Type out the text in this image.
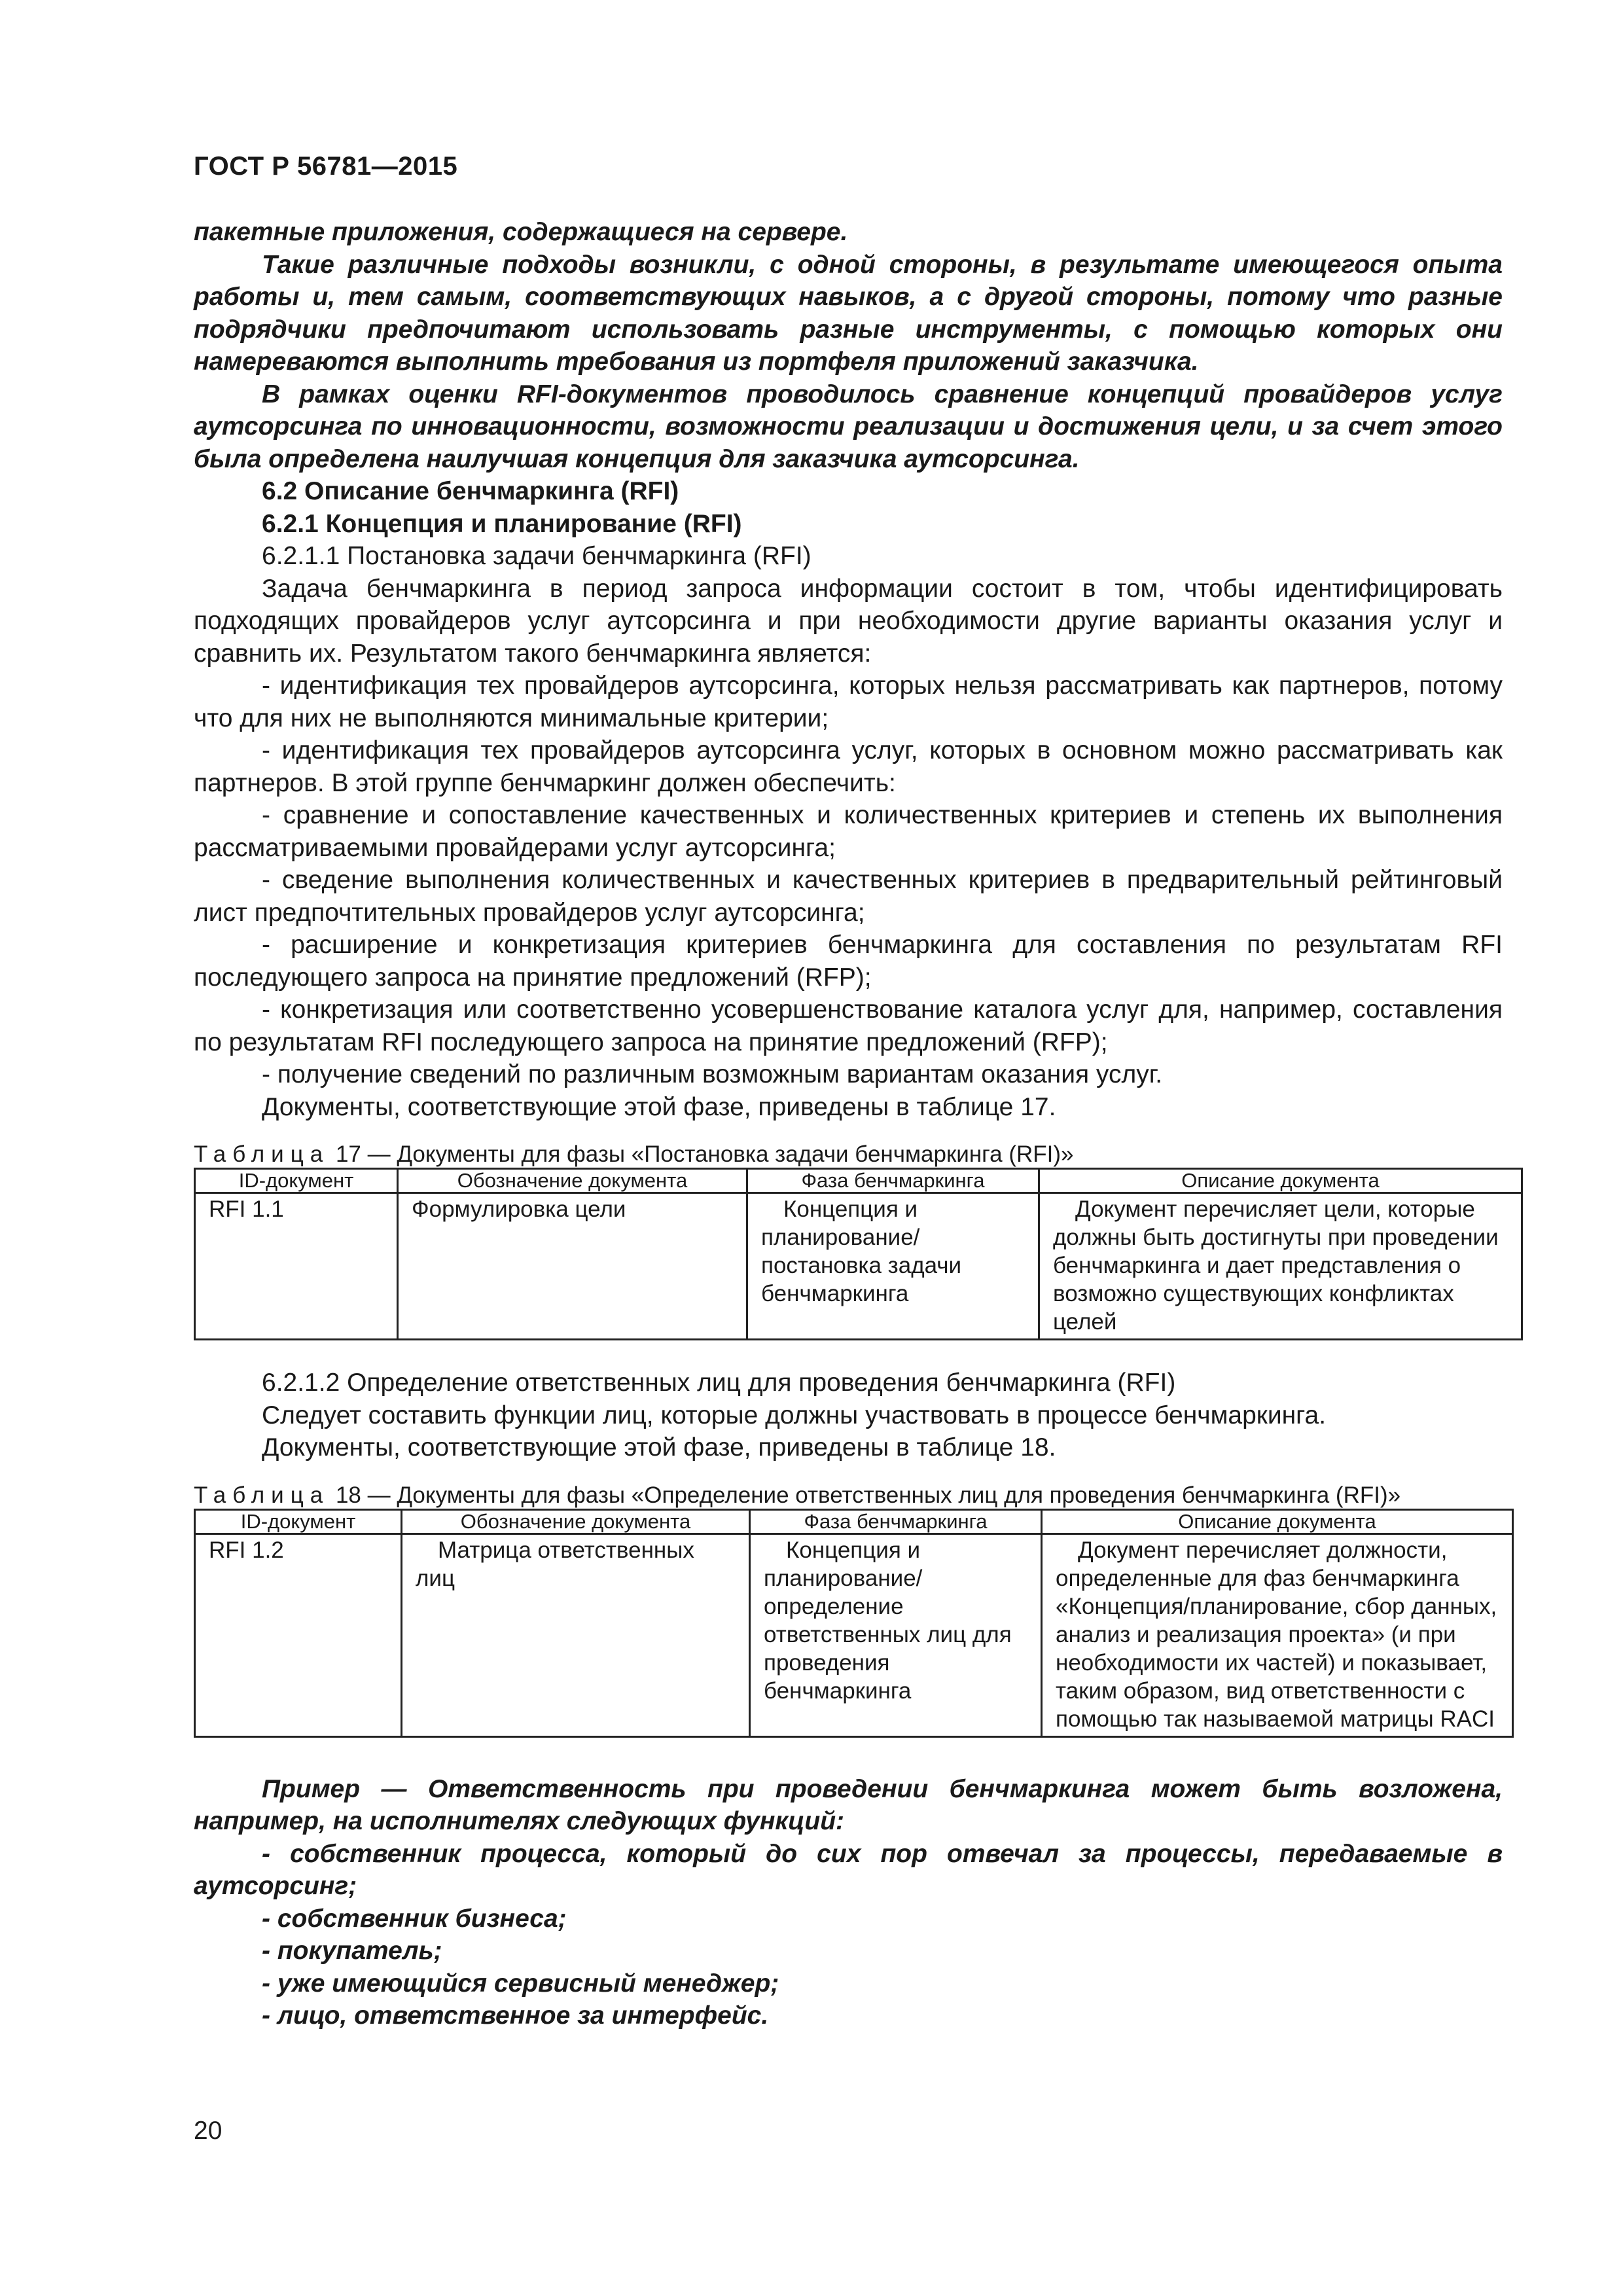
ГОСТ Р 56781—2015

пакетные приложения, содержащиеся на сервере.

Такие различные подходы возникли, с одной стороны, в результате имеющегося опыта работы и, тем самым, соответствующих навыков, а с другой стороны, потому что разные подрядчики предпочитают использовать разные инструменты, с помощью которых они намереваются выполнить требования из портфеля приложений заказчика.

В рамках оценки RFI-документов проводилось сравнение концепций провайдеров услуг аутсорсинга по инновационности, возможности реализации и достижения цели, и за счет этого была определена наилучшая концепция для заказчика аутсорсинга.

6.2 Описание бенчмаркинга (RFI)

6.2.1 Концепция и планирование (RFI)

6.2.1.1 Постановка задачи бенчмаркинга (RFI)

Задача бенчмаркинга в период запроса информации состоит в том, чтобы идентифицировать подходящих провайдеров услуг аутсорсинга и при необходимости другие варианты оказания услуг и сравнить их. Результатом такого бенчмаркинга является:

- идентификация тех провайдеров аутсорсинга, которых нельзя рассматривать как партнеров, потому что для них не выполняются минимальные критерии;

- идентификация тех провайдеров аутсорсинга услуг, которых в основном можно рассматривать как партнеров. В этой группе бенчмаркинг должен обеспечить:

- сравнение и сопоставление качественных и количественных критериев и степень их выполнения рассматриваемыми провайдерами услуг аутсорсинга;

- сведение выполнения количественных и качественных критериев в предварительный рейтинговый лист предпочтительных провайдеров услуг аутсорсинга;

- расширение и конкретизация критериев бенчмаркинга для составления по результатам RFI последующего запроса на принятие предложений (RFP);

- конкретизация или соответственно усовершенствование каталога услуг для, например, составления по результатам RFI последующего запроса на принятие предложений (RFP);

- получение сведений по различным возможным вариантам оказания услуг.

Документы, соответствующие этой фазе, приведены в таблице 17.

Таблица 17 — Документы для фазы «Постановка задачи бенчмаркинга (RFI)»
ID-документ	Обозначение документа	Фаза бенчмаркинга	Описание документа
RFI 1.1	Формулировка цели	Концепция и планирование/ постановка задачи бенчмаркинга	Документ перечисляет цели, которые должны быть достигнуты при проведении бенчмаркинга и дает представления о возможно существующих конфликтах целей

6.2.1.2 Определение ответственных лиц для проведения бенчмаркинга (RFI)

Следует составить функции лиц, которые должны участвовать в процессе бенчмаркинга.

Документы, соответствующие этой фазе, приведены в таблице 18.

Таблица 18 — Документы для фазы «Определение ответственных лиц для проведения бенчмаркинга (RFI)»
ID-документ	Обозначение документа	Фаза бенчмаркинга	Описание документа
RFI 1.2	Матрица ответственных лиц	Концепция и планирование/ определение ответственных лиц для проведения бенчмаркинга	Документ перечисляет должности, определенные для фаз бенчмаркинга «Концепция/планирование, сбор данных, анализ и реализация проекта» (и при необходимости их частей) и показывает, таким образом, вид ответственности с помощью так называемой матрицы RACI

Пример — Ответственность при проведении бенчмаркинга может быть возложена, например, на исполнителях следующих функций:

- собственник процесса, который до сих пор отвечал за процессы, передаваемые в аутсорсинг;

- собственник бизнеса;

- покупатель;

- уже имеющийся сервисный менеджер;

- лицо, ответственное за интерфейс.

20
